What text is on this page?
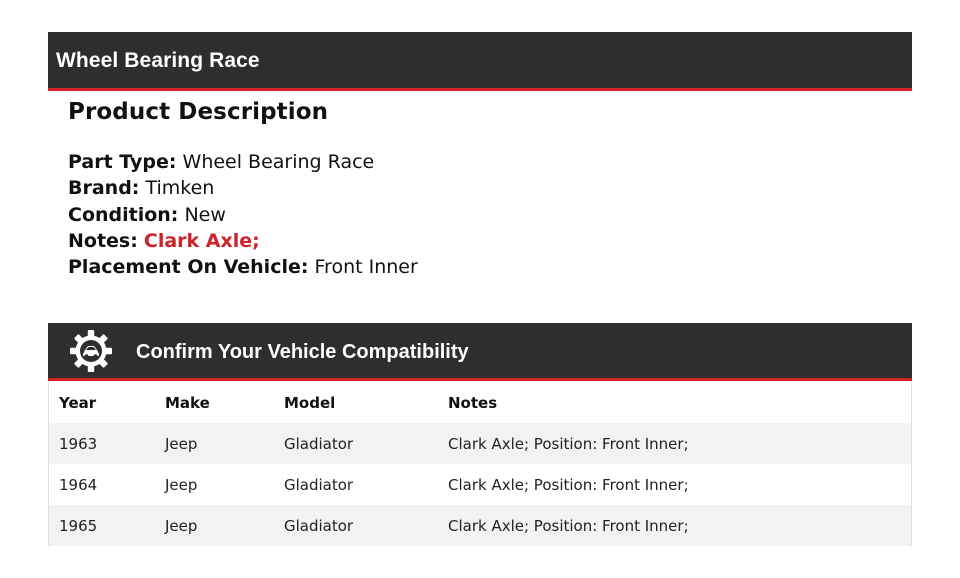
Wheel Bearing Race
Product Description
Part Type: Wheel Bearing Race
Brand: Timken
Condition: New
Notes: Clark Axle;
Placement On Vehicle: Front Inner
Confirm Your Vehicle Compatibility
Year	Make	Model	Notes
1963	Jeep	Gladiator	Clark Axle; Position: Front Inner;
1964	Jeep	Gladiator	Clark Axle; Position: Front Inner;
1965	Jeep	Gladiator	Clark Axle; Position: Front Inner;
